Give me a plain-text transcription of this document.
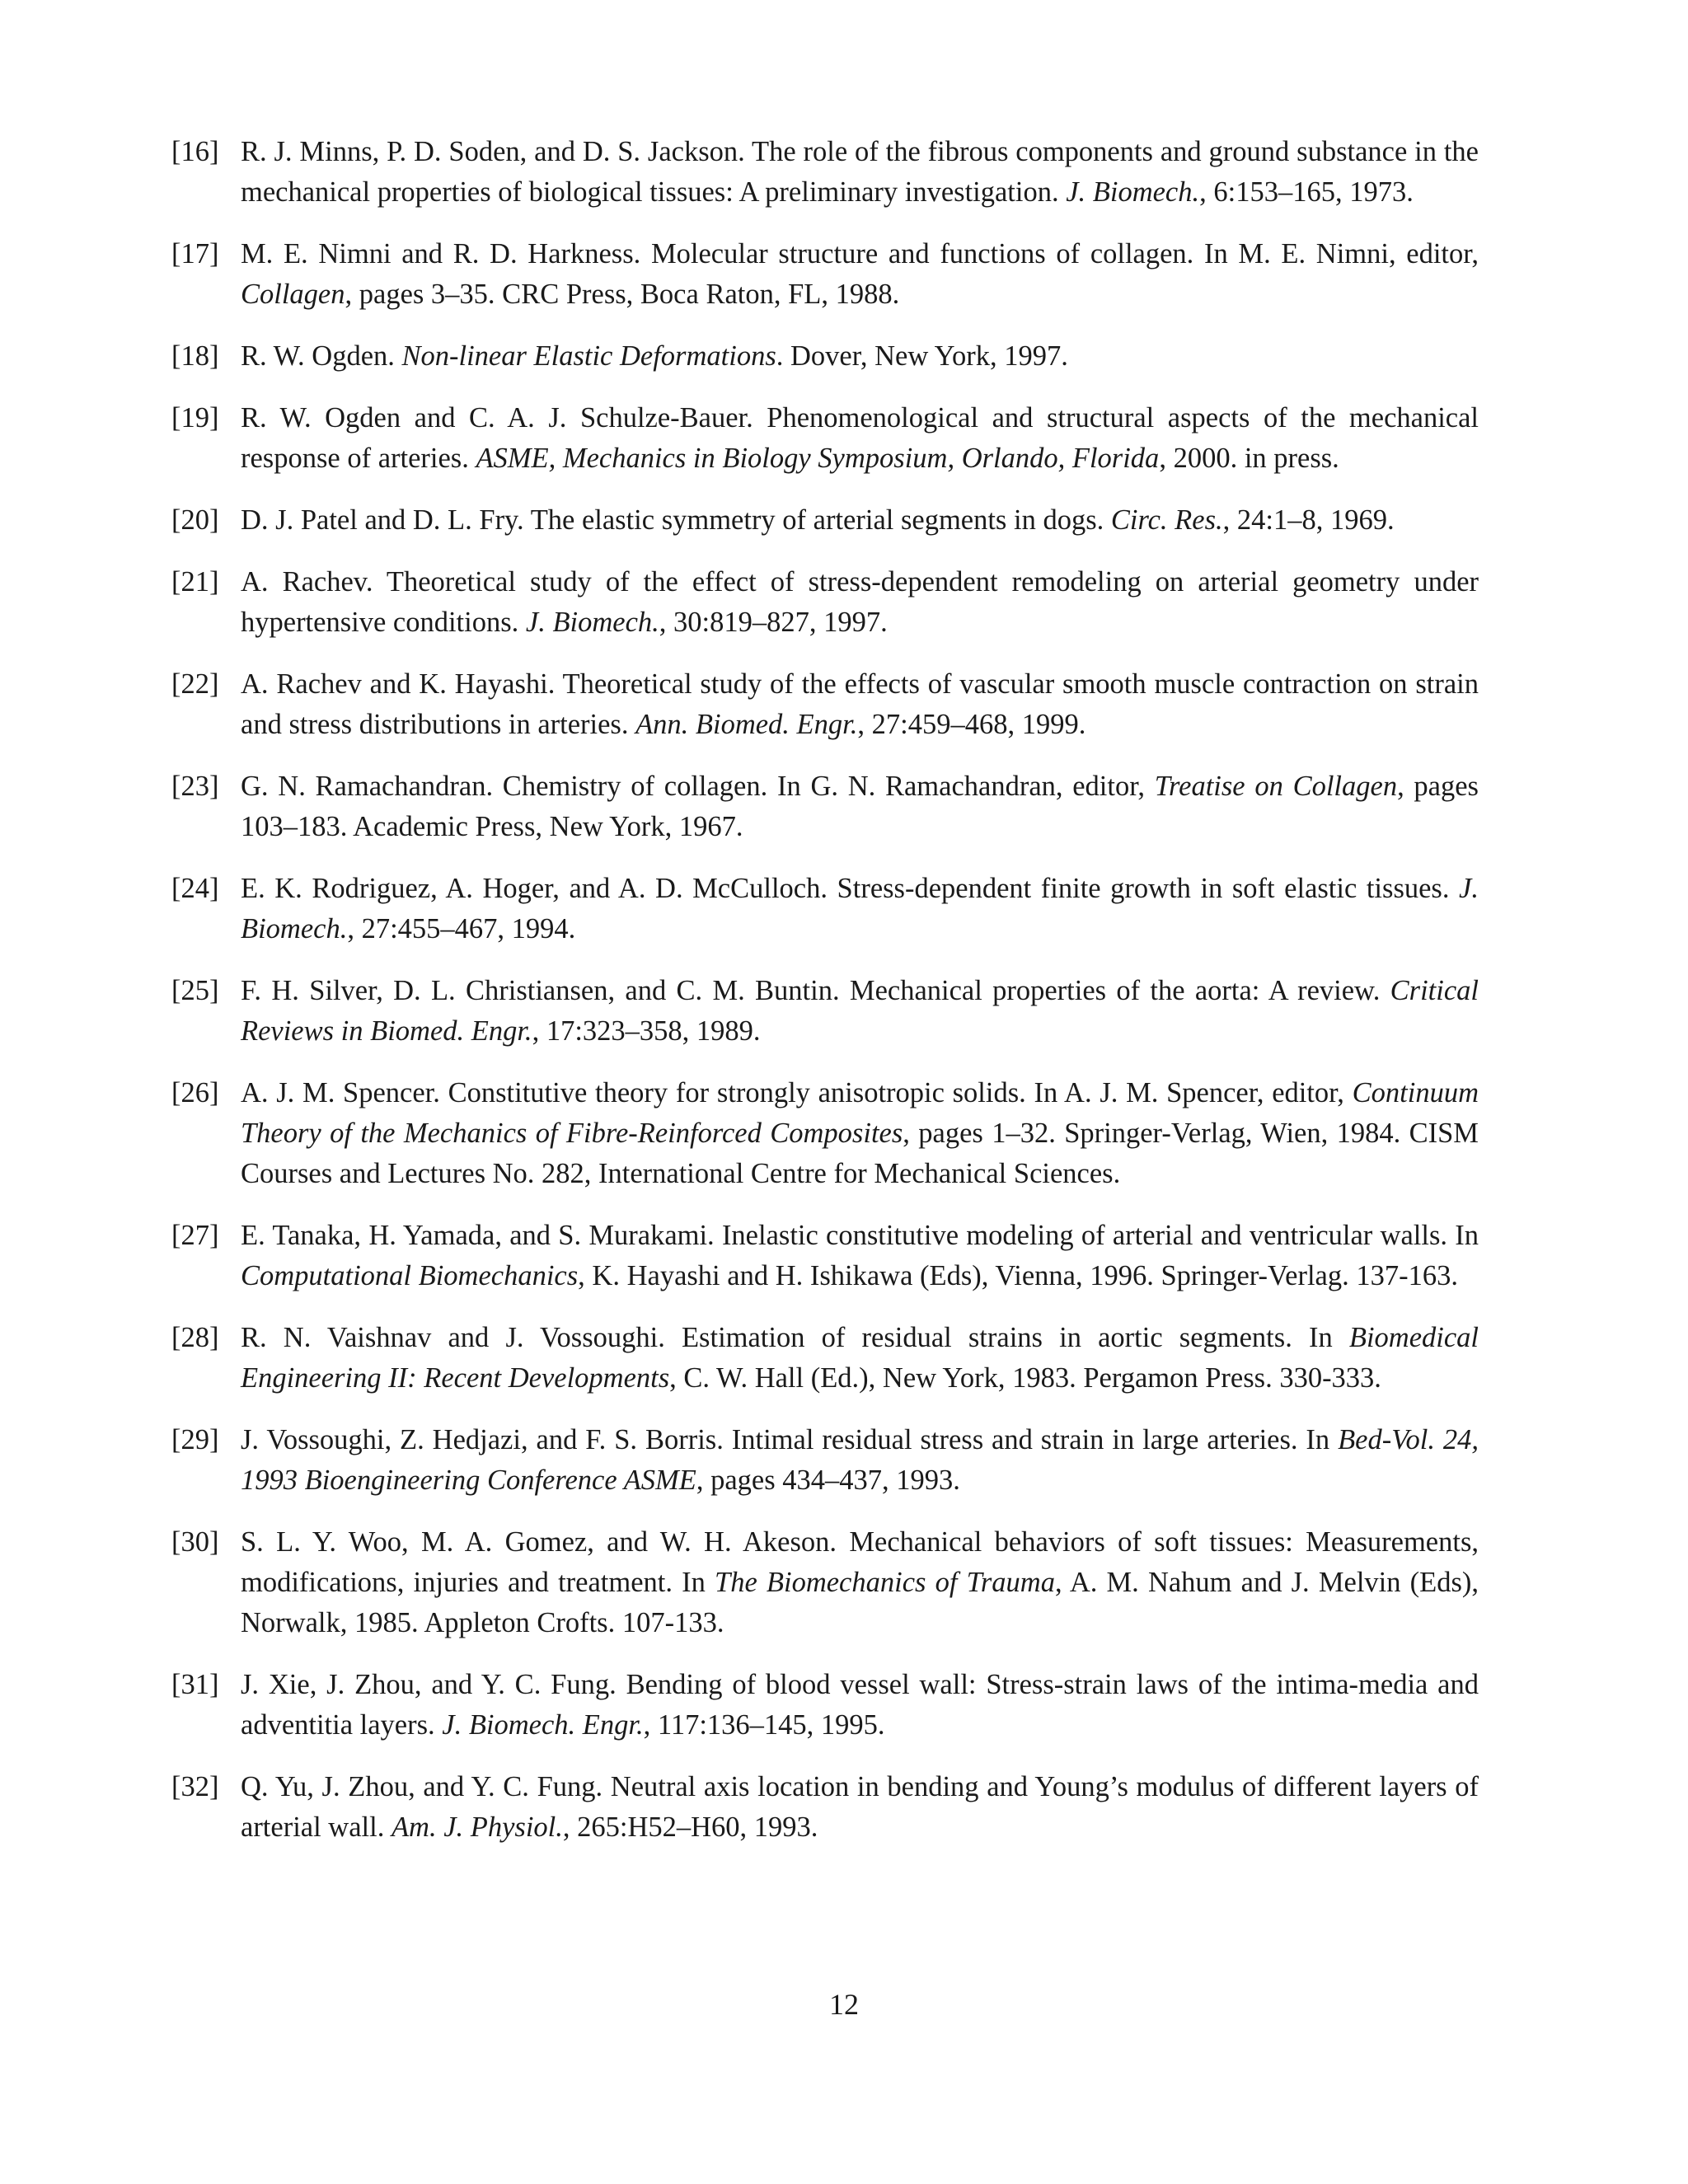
[16] R. J. Minns, P. D. Soden, and D. S. Jackson. The role of the fibrous components and ground substance in the mechanical properties of biological tissues: A preliminary investigation. J. Biomech., 6:153–165, 1973.
[17] M. E. Nimni and R. D. Harkness. Molecular structure and functions of collagen. In M. E. Nimni, editor, Collagen, pages 3–35. CRC Press, Boca Raton, FL, 1988.
[18] R. W. Ogden. Non-linear Elastic Deformations. Dover, New York, 1997.
[19] R. W. Ogden and C. A. J. Schulze-Bauer. Phenomenological and structural aspects of the mechanical response of arteries. ASME, Mechanics in Biology Symposium, Orlando, Florida, 2000. in press.
[20] D. J. Patel and D. L. Fry. The elastic symmetry of arterial segments in dogs. Circ. Res., 24:1–8, 1969.
[21] A. Rachev. Theoretical study of the effect of stress-dependent remodeling on arterial geometry under hypertensive conditions. J. Biomech., 30:819–827, 1997.
[22] A. Rachev and K. Hayashi. Theoretical study of the effects of vascular smooth muscle contraction on strain and stress distributions in arteries. Ann. Biomed. Engr., 27:459–468, 1999.
[23] G. N. Ramachandran. Chemistry of collagen. In G. N. Ramachandran, editor, Treatise on Collagen, pages 103–183. Academic Press, New York, 1967.
[24] E. K. Rodriguez, A. Hoger, and A. D. McCulloch. Stress-dependent finite growth in soft elastic tissues. J. Biomech., 27:455–467, 1994.
[25] F. H. Silver, D. L. Christiansen, and C. M. Buntin. Mechanical properties of the aorta: A review. Critical Reviews in Biomed. Engr., 17:323–358, 1989.
[26] A. J. M. Spencer. Constitutive theory for strongly anisotropic solids. In A. J. M. Spencer, editor, Continuum Theory of the Mechanics of Fibre-Reinforced Composites, pages 1–32. Springer-Verlag, Wien, 1984. CISM Courses and Lectures No. 282, International Centre for Mechanical Sciences.
[27] E. Tanaka, H. Yamada, and S. Murakami. Inelastic constitutive modeling of arterial and ventricular walls. In Computational Biomechanics, K. Hayashi and H. Ishikawa (Eds), Vienna, 1996. Springer-Verlag. 137-163.
[28] R. N. Vaishnav and J. Vossoughi. Estimation of residual strains in aortic segments. In Biomedical Engineering II: Recent Developments, C. W. Hall (Ed.), New York, 1983. Pergamon Press. 330-333.
[29] J. Vossoughi, Z. Hedjazi, and F. S. Borris. Intimal residual stress and strain in large arteries. In Bed-Vol. 24, 1993 Bioengineering Conference ASME, pages 434–437, 1993.
[30] S. L. Y. Woo, M. A. Gomez, and W. H. Akeson. Mechanical behaviors of soft tissues: Measurements, modifications, injuries and treatment. In The Biomechanics of Trauma, A. M. Nahum and J. Melvin (Eds), Norwalk, 1985. Appleton Crofts. 107-133.
[31] J. Xie, J. Zhou, and Y. C. Fung. Bending of blood vessel wall: Stress-strain laws of the intima-media and adventitia layers. J. Biomech. Engr., 117:136–145, 1995.
[32] Q. Yu, J. Zhou, and Y. C. Fung. Neutral axis location in bending and Young’s modulus of different layers of arterial wall. Am. J. Physiol., 265:H52–H60, 1993.
12
